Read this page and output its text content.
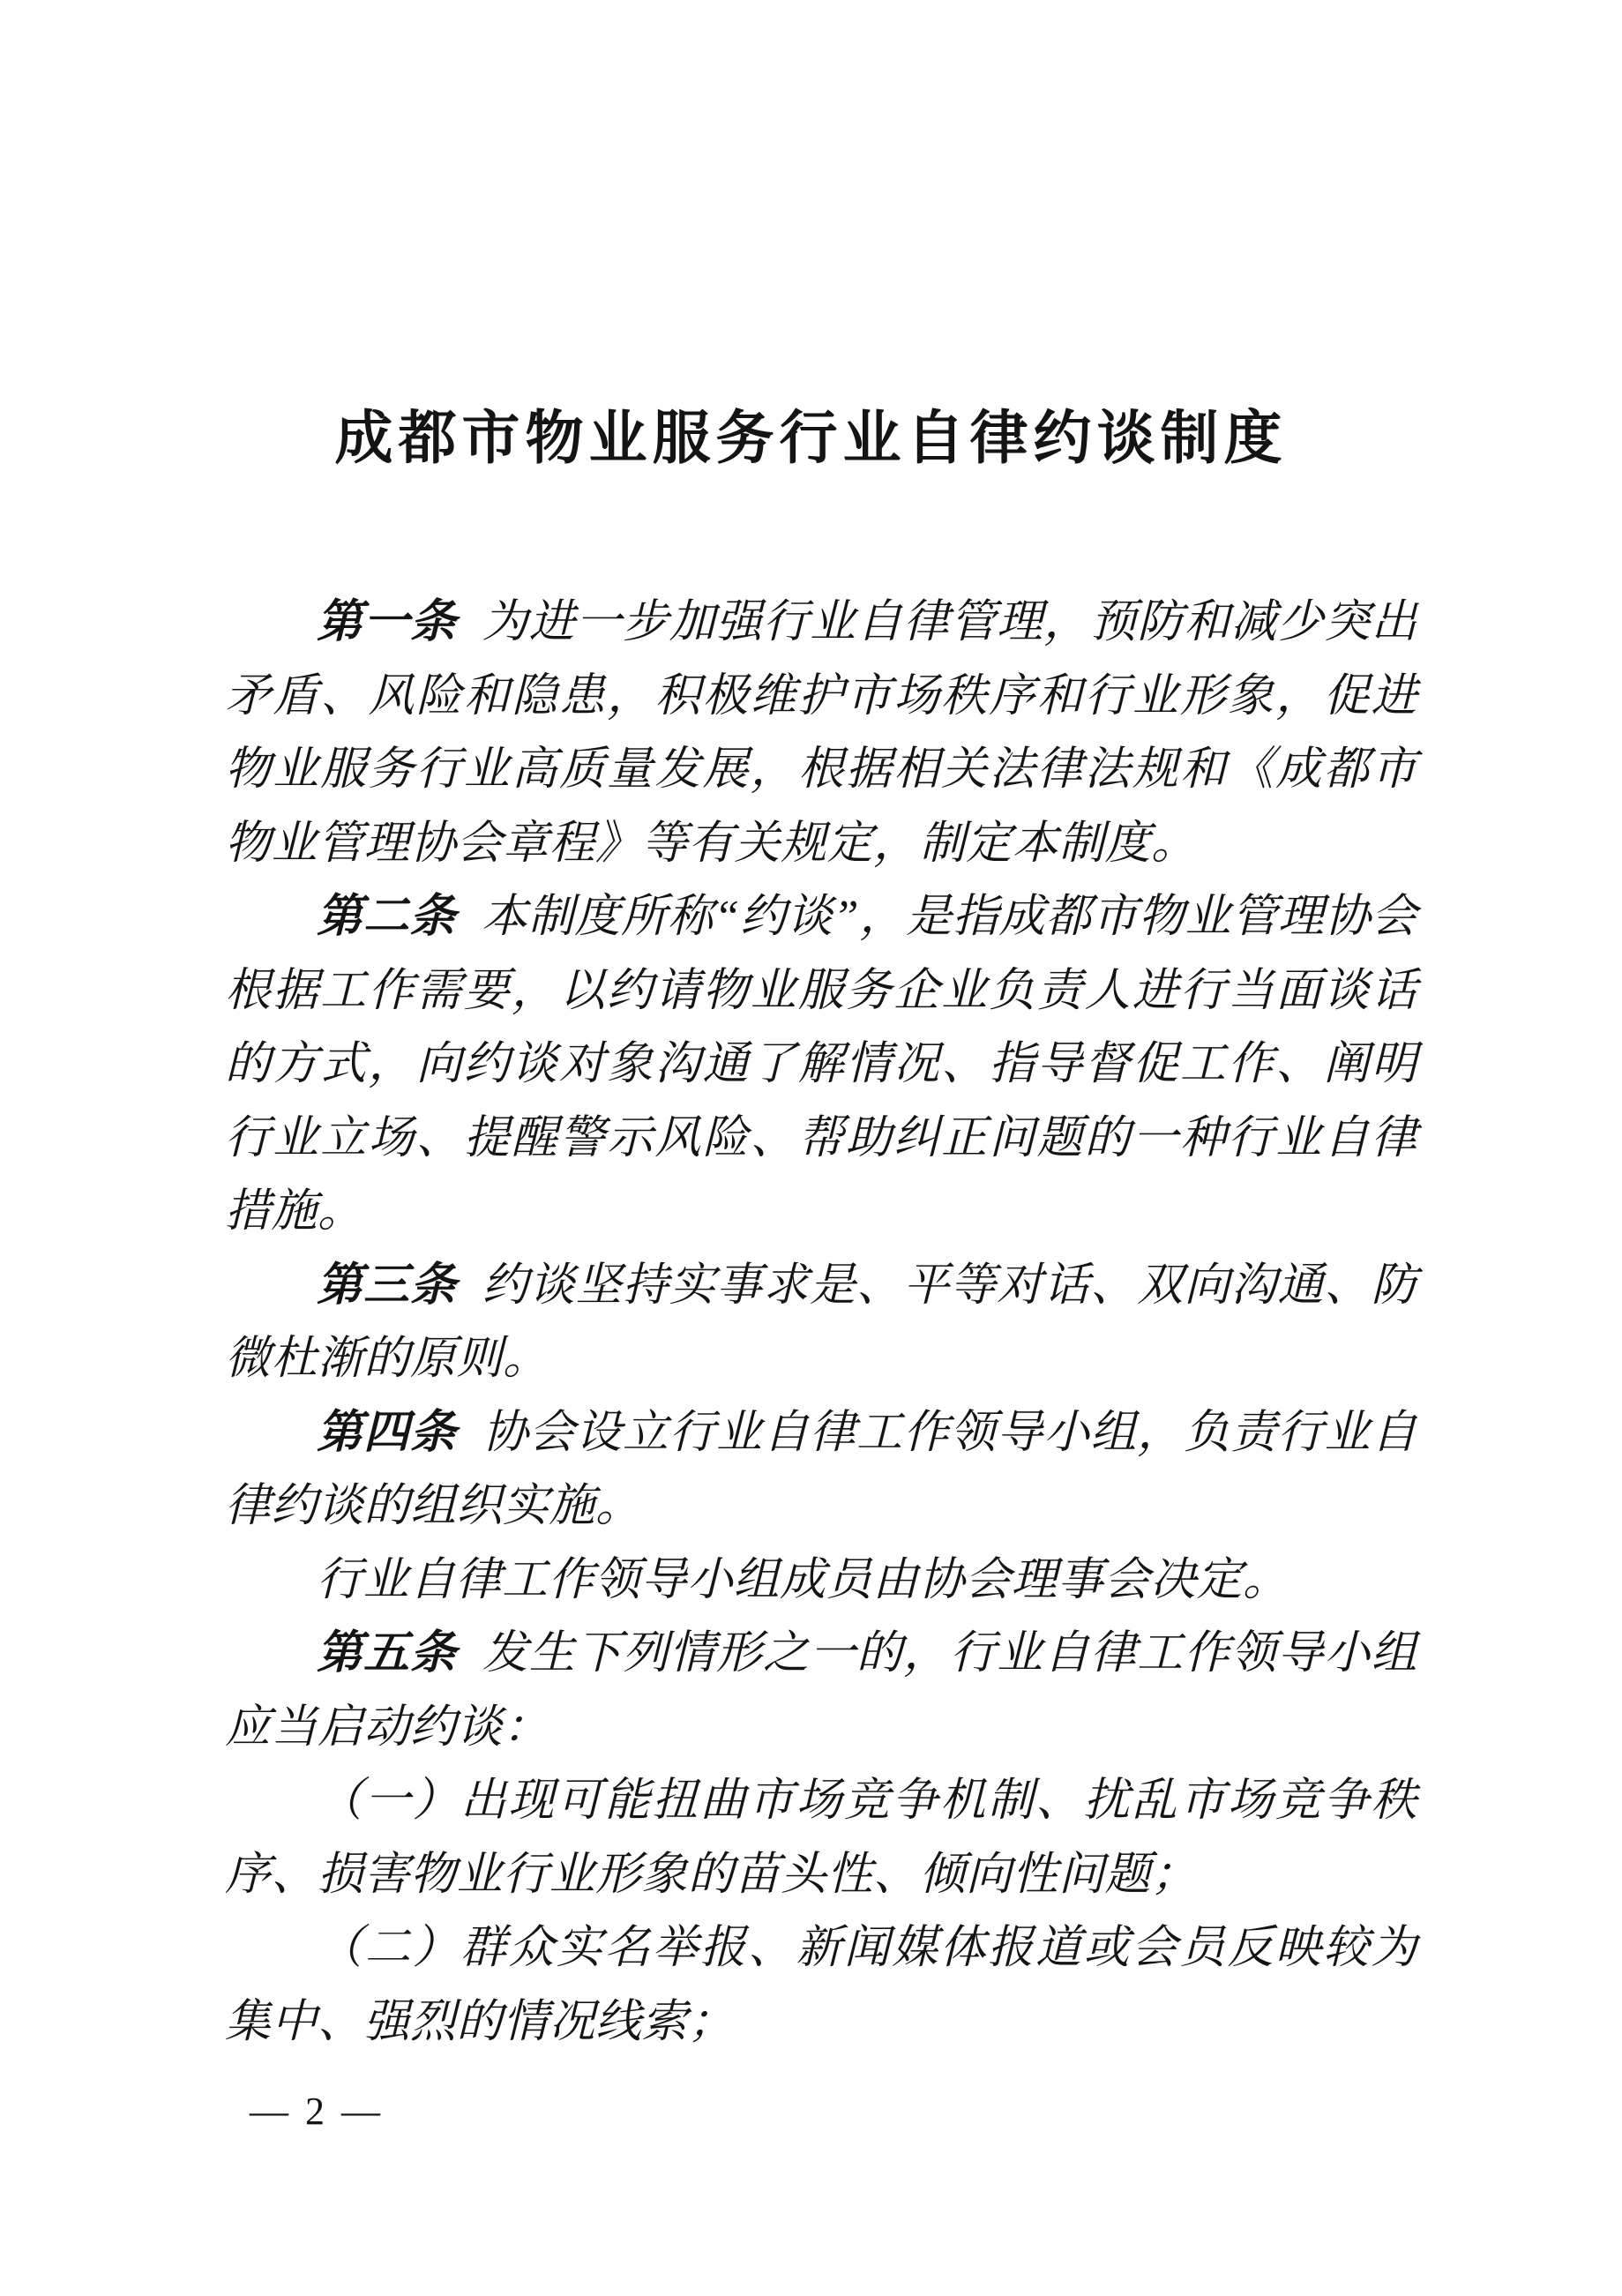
成都市物业服务行业自律约谈制度

第一条 为进一步加强行业自律管理，预防和减少突出矛盾、风险和隐患，积极维护市场秩序和行业形象，促进物业服务行业高质量发展，根据相关法律法规和《成都市物业管理协会章程》等有关规定，制定本制度。

第二条 本制度所称“约谈”，是指成都市物业管理协会根据工作需要，以约请物业服务企业负责人进行当面谈话的方式，向约谈对象沟通了解情况、指导督促工作、阐明行业立场、提醒警示风险、帮助纠正问题的一种行业自律措施。

第三条 约谈坚持实事求是、平等对话、双向沟通、防微杜渐的原则。

第四条 协会设立行业自律工作领导小组，负责行业自律约谈的组织实施。

行业自律工作领导小组成员由协会理事会决定。

第五条 发生下列情形之一的，行业自律工作领导小组应当启动约谈：

（一）出现可能扭曲市场竞争机制、扰乱市场竞争秩序、损害物业行业形象的苗头性、倾向性问题；

（二）群众实名举报、新闻媒体报道或会员反映较为集中、强烈的情况线索；

— 2 —
